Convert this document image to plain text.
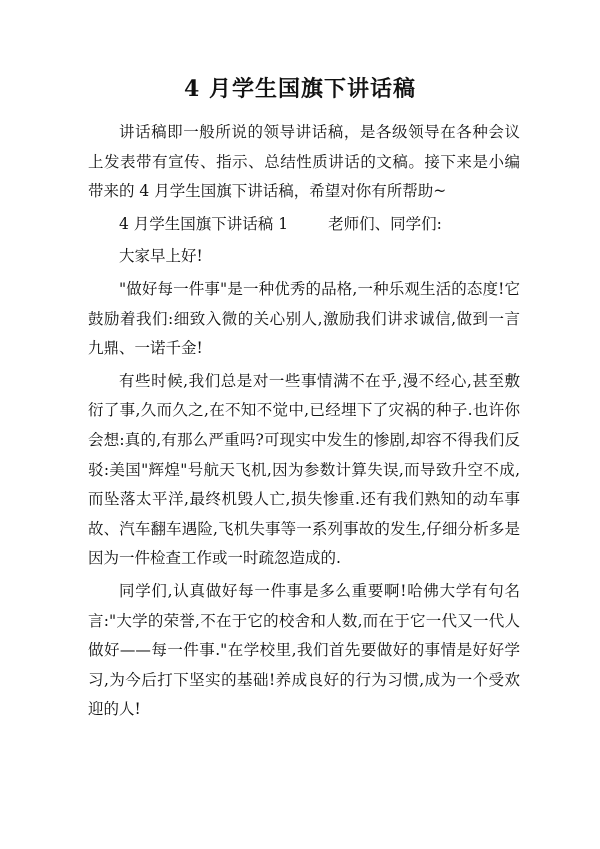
4 月学生国旗下讲话稿

讲话稿即一般所说的领导讲话稿，是各级领导在各种会议上发表带有宣传、指示、总结性质讲话的文稿。接下来是小编带来的 4 月学生国旗下讲话稿，希望对你有所帮助~

4 月学生国旗下讲话稿 1	老师们、同学们:

大家早上好!

"做好每一件事"是一种优秀的品格,一种乐观生活的态度!它鼓励着我们:细致入微的关心别人,激励我们讲求诚信,做到一言九鼎、一诺千金!

有些时候,我们总是对一些事情满不在乎,漫不经心,甚至敷衍了事,久而久之,在不知不觉中,已经埋下了灾祸的种子.也许你会想:真的,有那么严重吗?可现实中发生的惨剧,却容不得我们反驳:美国"辉煌"号航天飞机,因为参数计算失误,而导致升空不成,而坠落太平洋,最终机毁人亡,损失惨重.还有我们熟知的动车事故、汽车翻车遇险,飞机失事等一系列事故的发生,仔细分析多是因为一件检查工作或一时疏忽造成的.

同学们,认真做好每一件事是多么重要啊!哈佛大学有句名言:"大学的荣誉,不在于它的校舍和人数,而在于它一代又一代人做好——每一件事."在学校里,我们首先要做好的事情是好好学习,为今后打下坚实的基础!养成良好的行为习惯,成为一个受欢迎的人!
